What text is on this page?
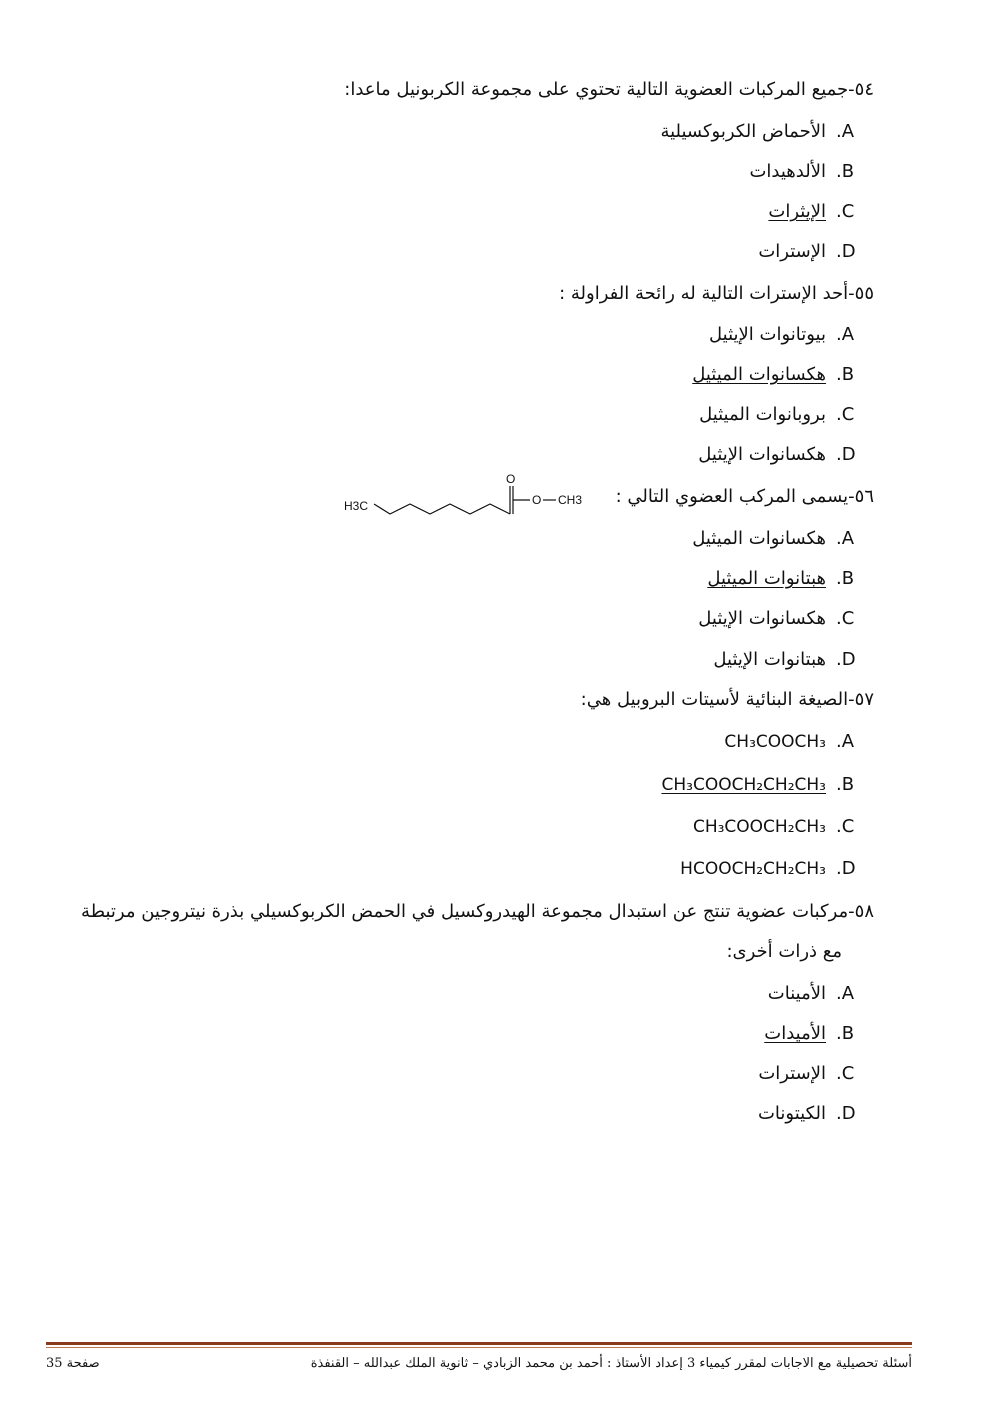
٥٤-جميع المركبات العضوية التالية تحتوي على مجموعة الكربونيل ماعدا:
.A
الأحماض الكربوكسيلية
.B
الألدهيدات
.C
الإيثرات
.D
الإسترات
٥٥-أحد الإسترات التالية له رائحة الفراولة :
.A
بيوتانوات الإيثيل
.B
هكسانوات الميثيل
.C
بروبانوات الميثيل
.D
هكسانوات الإيثيل
٥٦-يسمى المركب العضوي التالي :
H3C
O
O CH3
.A
هكسانوات الميثيل
.B
هبتانوات الميثيل
.C
هكسانوات الإيثيل
.D
هبتانوات الإيثيل
٥٧-الصيغة البنائية لأسيتات البروبيل هي:
.A
CH₃COOCH₃
.B
CH₃COOCH₂CH₂CH₃
.C
CH₃COOCH₂CH₃
.D
HCOOCH₂CH₂CH₃
٥٨-مركبات عضوية تنتج عن استبدال مجموعة الهيدروكسيل في الحمض الكربوكسيلي بذرة نيتروجين مرتبطة
مع ذرات أخرى:
.A
الأمينات
.B
الأميدات
.C
الإسترات
.D
الكيتونات
أسئلة تحصيلية مع الاجابات لمقرر كيمياء 3 إعداد الأستاذ : أحمد بن محمد الزبادي – ثانوية الملك عبدالله – القنفذة
صفحة 35
